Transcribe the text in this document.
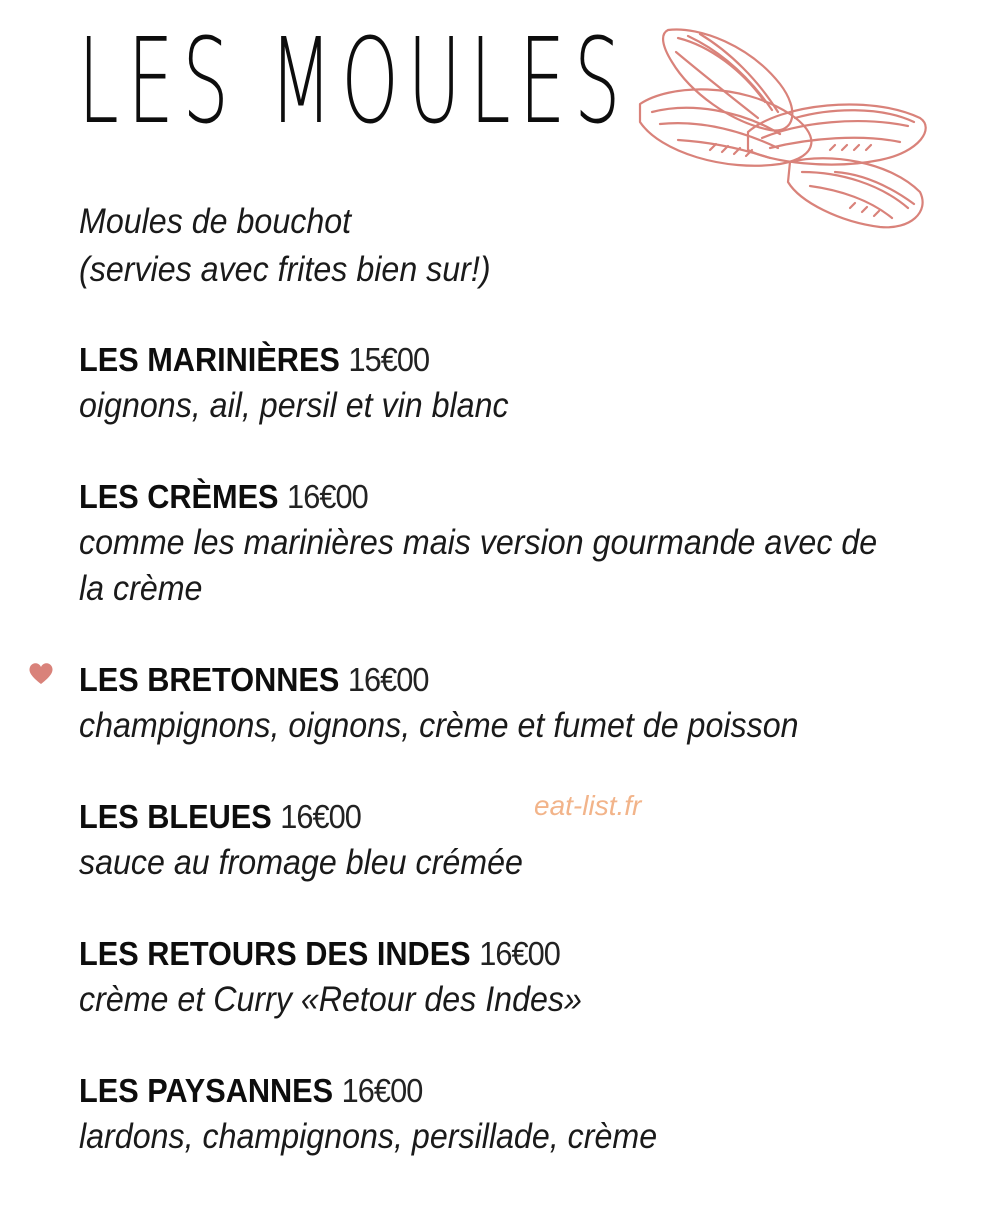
LES MOULES
Moules de bouchot
(servies avec frites bien sur!)
LES MARINIÈRES 15€00
oignons, ail, persil et vin blanc
LES CRÈMES 16€00
comme les marinières mais version gourmande avec de la crème
LES BRETONNES 16€00
champignons, oignons, crème et fumet de poisson
LES BLEUES 16€00
sauce au fromage bleu crémée
LES RETOURS DES INDES 16€00
crème et Curry «Retour des Indes»
LES PAYSANNES 16€00
lardons, champignons, persillade, crème
eat-list.fr
